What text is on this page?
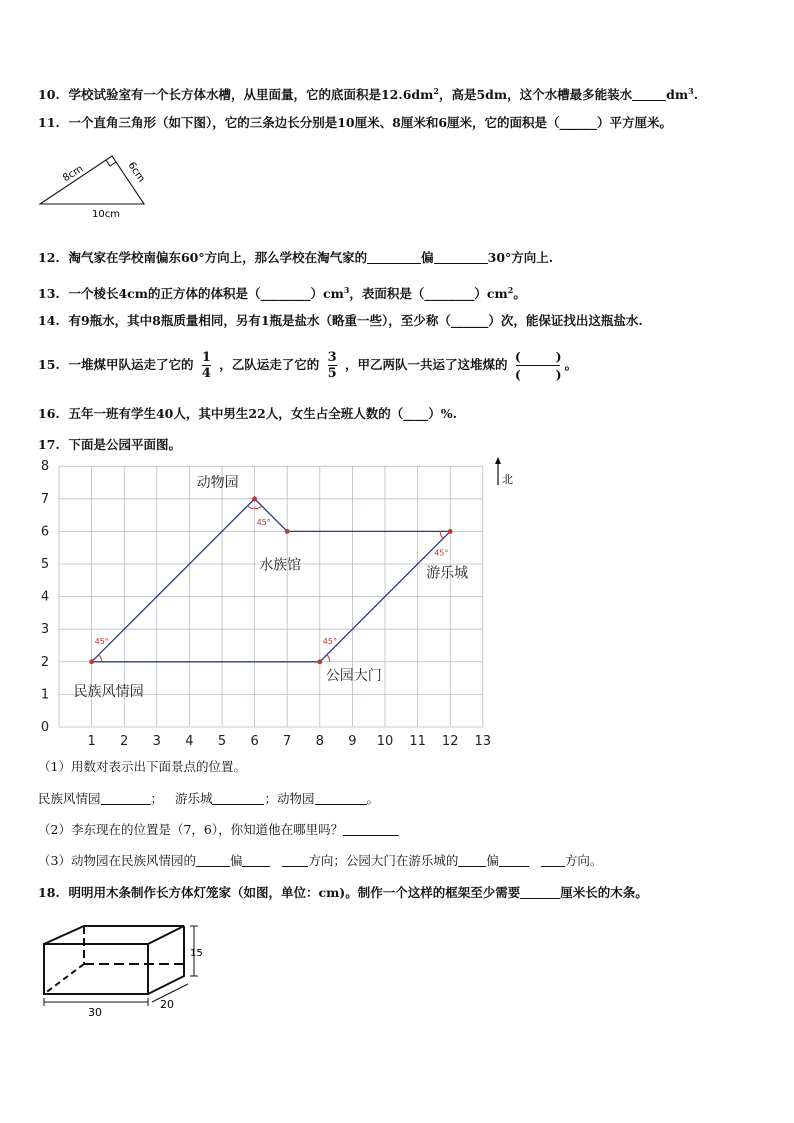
10. 学校试验室有一个长方体水槽，从里面量，它的底面积是$12.6dm^2$，高是5dm，这个水槽最多能装水	$dm^3$.
11. 一个直角三角形（如下图），它的三条边长分别是10厘米、8厘米和6厘米，它的面积是（______）平方厘米。
10cm
8cm	6cm
12. 淘气家在学校南偏东60°方向上，那么学校在淘气家的	偏	30°方向上.
13. 一个棱长4cm的正方体的体积是$(\_\_\_\_\_\_\_\_)cm^3$，表面积是$(\_\_\_\_\_\_\_\_)cm^2$。
14. 有9瓶水，其中8瓶质量相同，另有1瓶是盐水（略重一些），至少称（______）次，能保证找出这瓶盐水.
15. 一堆煤甲队运走了它的 $\frac{1}{4}$ ，乙队运走了它的 $\frac{3}{5}$ ，甲乙两队一共运了这堆煤的
(        )
(        )
。
16. 五年一班有学生40人，其中男生22人，女生占全班人数的（____）%.
17. 下面是公园平面图。
1 2 3 4 5 6 7 8 9 10 11 12 13
0
1
2
3
4
5
6
7
8
45°	45°
45°
45°
民族风情园
动物园
水族馆	游乐城
公园大门
北
（1）用数对表示出下面景点的位置。
民族风情园	； 游乐城	；动物园	。
（2）李东现在的位置是（7，6），你知道他在哪里吗？
（3）动物园在民族风情园的	偏	方向；公园大门在游乐城的 偏	方向。
18. 明明用木条制作长方体灯笼家（如图，单位：cm)。制作一个这样的框架至少需要	厘米长的木条。
30
20
15
